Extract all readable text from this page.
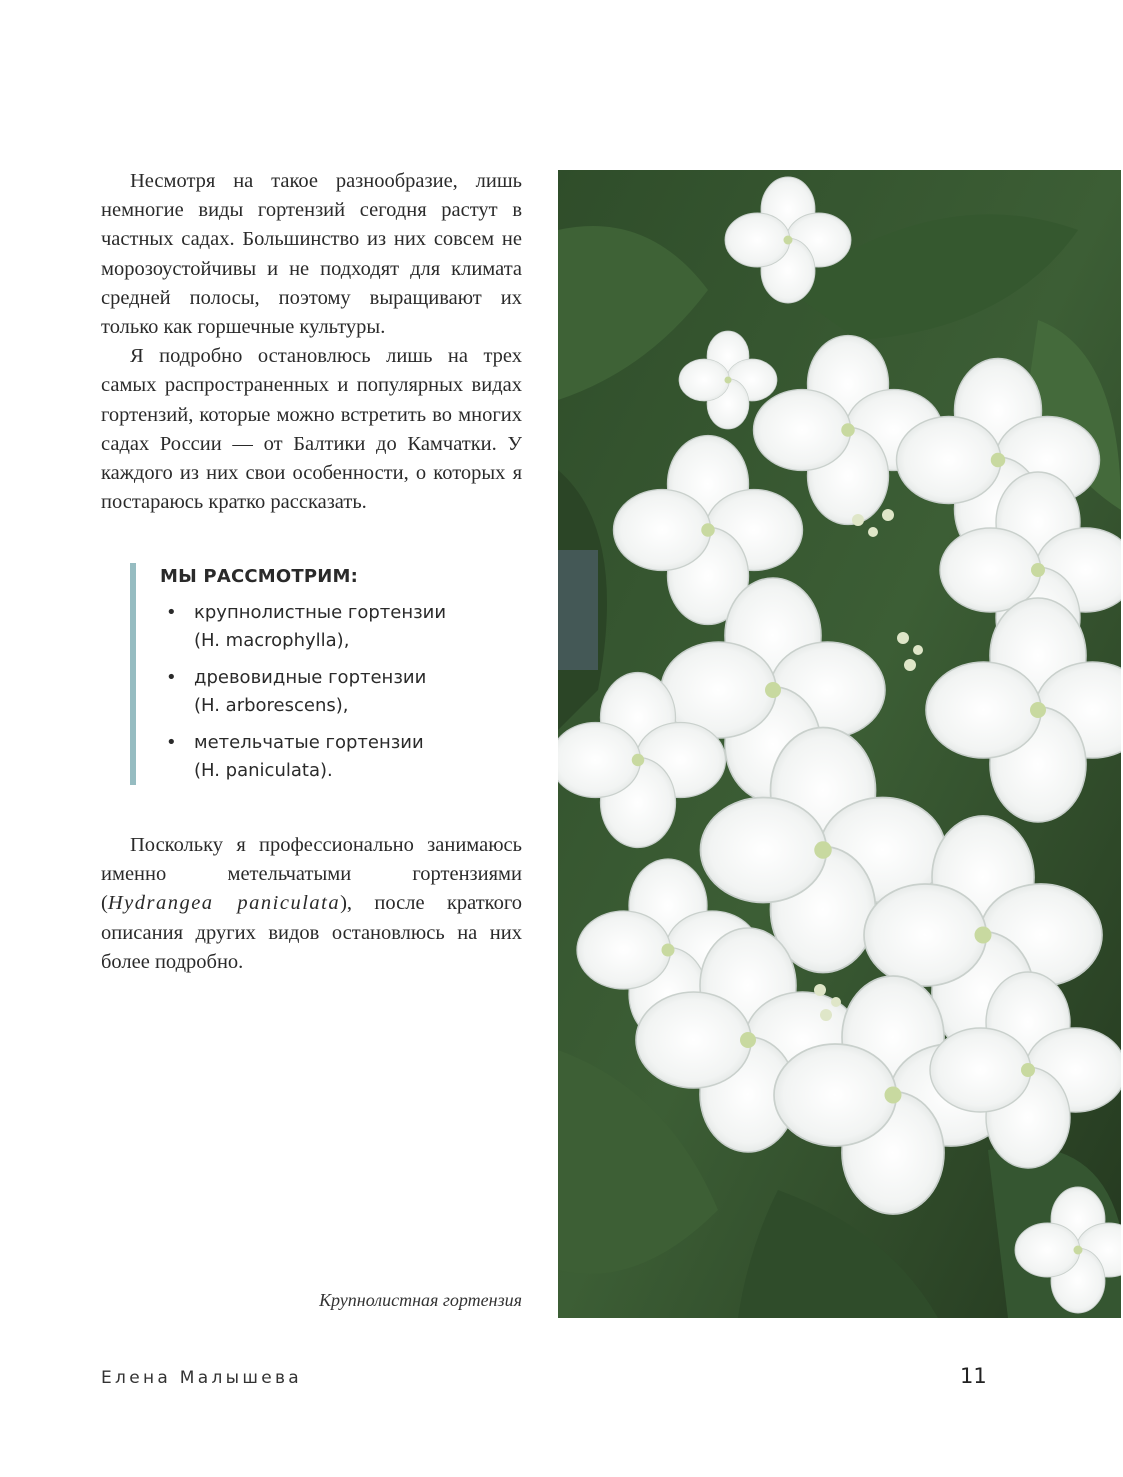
Несмотря на такое разнообразие, лишь немногие виды гортензий сегодня растут в частных садах. Большинство из них совсем не морозоустойчивы и не подходят для климата средней полосы, поэтому выращивают их только как горшечные культуры.

Я подробно остановлюсь лишь на трех самых распространенных и популярных видах гортензий, которые можно встретить во многих садах России — от Балтики до Камчатки. У каждого из них свои особенности, о которых я постараюсь кратко рассказать.

МЫ РАССМОТРИМ:
• крупнолистные гортензии
(H. macrophylla),
• древовидные гортензии
(H. arborescens),
• метельчатые гортензии
(H. paniculata).

Поскольку я профессионально занимаюсь именно метельчатыми гортензиями (Hydrangea paniculata), после краткого описания других видов остановлюсь на них более подробно.

Крупнолистная гортензия
Елена Малышева	11
